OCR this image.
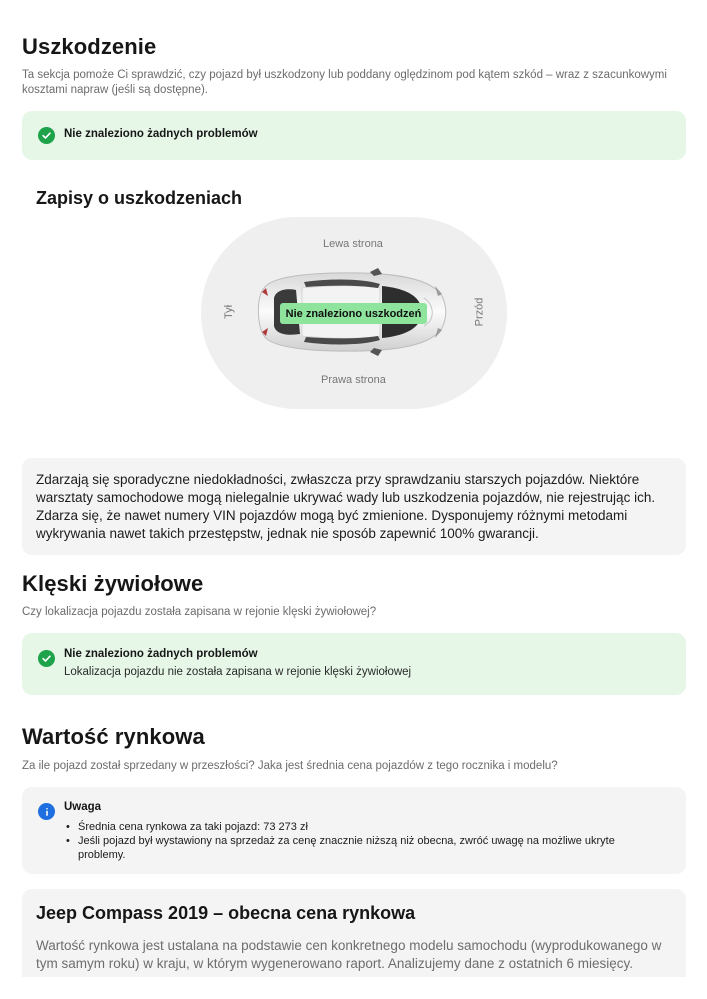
Uszkodzenie
Ta sekcja pomoże Ci sprawdzić, czy pojazd był uszkodzony lub poddany oględzinom pod kątem szkód – wraz z szacunkowymi kosztami napraw (jeśli są dostępne).
Nie znaleziono żadnych problemów
Zapisy o uszkodzeniach
Lewa strona
Prawa strona
Tył	Przód
Nie znaleziono uszkodzeń
Zdarzają się sporadyczne niedokładności, zwłaszcza przy sprawdzaniu starszych pojazdów. Niektóre warsztaty samochodowe mogą nielegalnie ukrywać wady lub uszkodzenia pojazdów, nie rejestrując ich. Zdarza się, że nawet numery VIN pojazdów mogą być zmienione. Dysponujemy różnymi metodami wykrywania nawet takich przestępstw, jednak nie sposób zapewnić 100% gwarancji.
Klęski żywiołowe
Czy lokalizacja pojazdu została zapisana w rejonie klęski żywiołowej?
Nie znaleziono żadnych problemów
Lokalizacja pojazdu nie została zapisana w rejonie klęski żywiołowej
Wartość rynkowa
Za ile pojazd został sprzedany w przeszłości? Jaka jest średnia cena pojazdów z tego rocznika i modelu?
Uwaga
• Średnia cena rynkowa za taki pojazd: 73 273 zł
• Jeśli pojazd był wystawiony na sprzedaż za cenę znacznie niższą niż obecna, zwróć uwagę na możliwe ukryte problemy.
Jeep Compass 2019 – obecna cena rynkowa
Wartość rynkowa jest ustalana na podstawie cen konkretnego modelu samochodu (wyprodukowanego w tym samym roku) w kraju, w którym wygenerowano raport. Analizujemy dane z ostatnich 6 miesięcy.
